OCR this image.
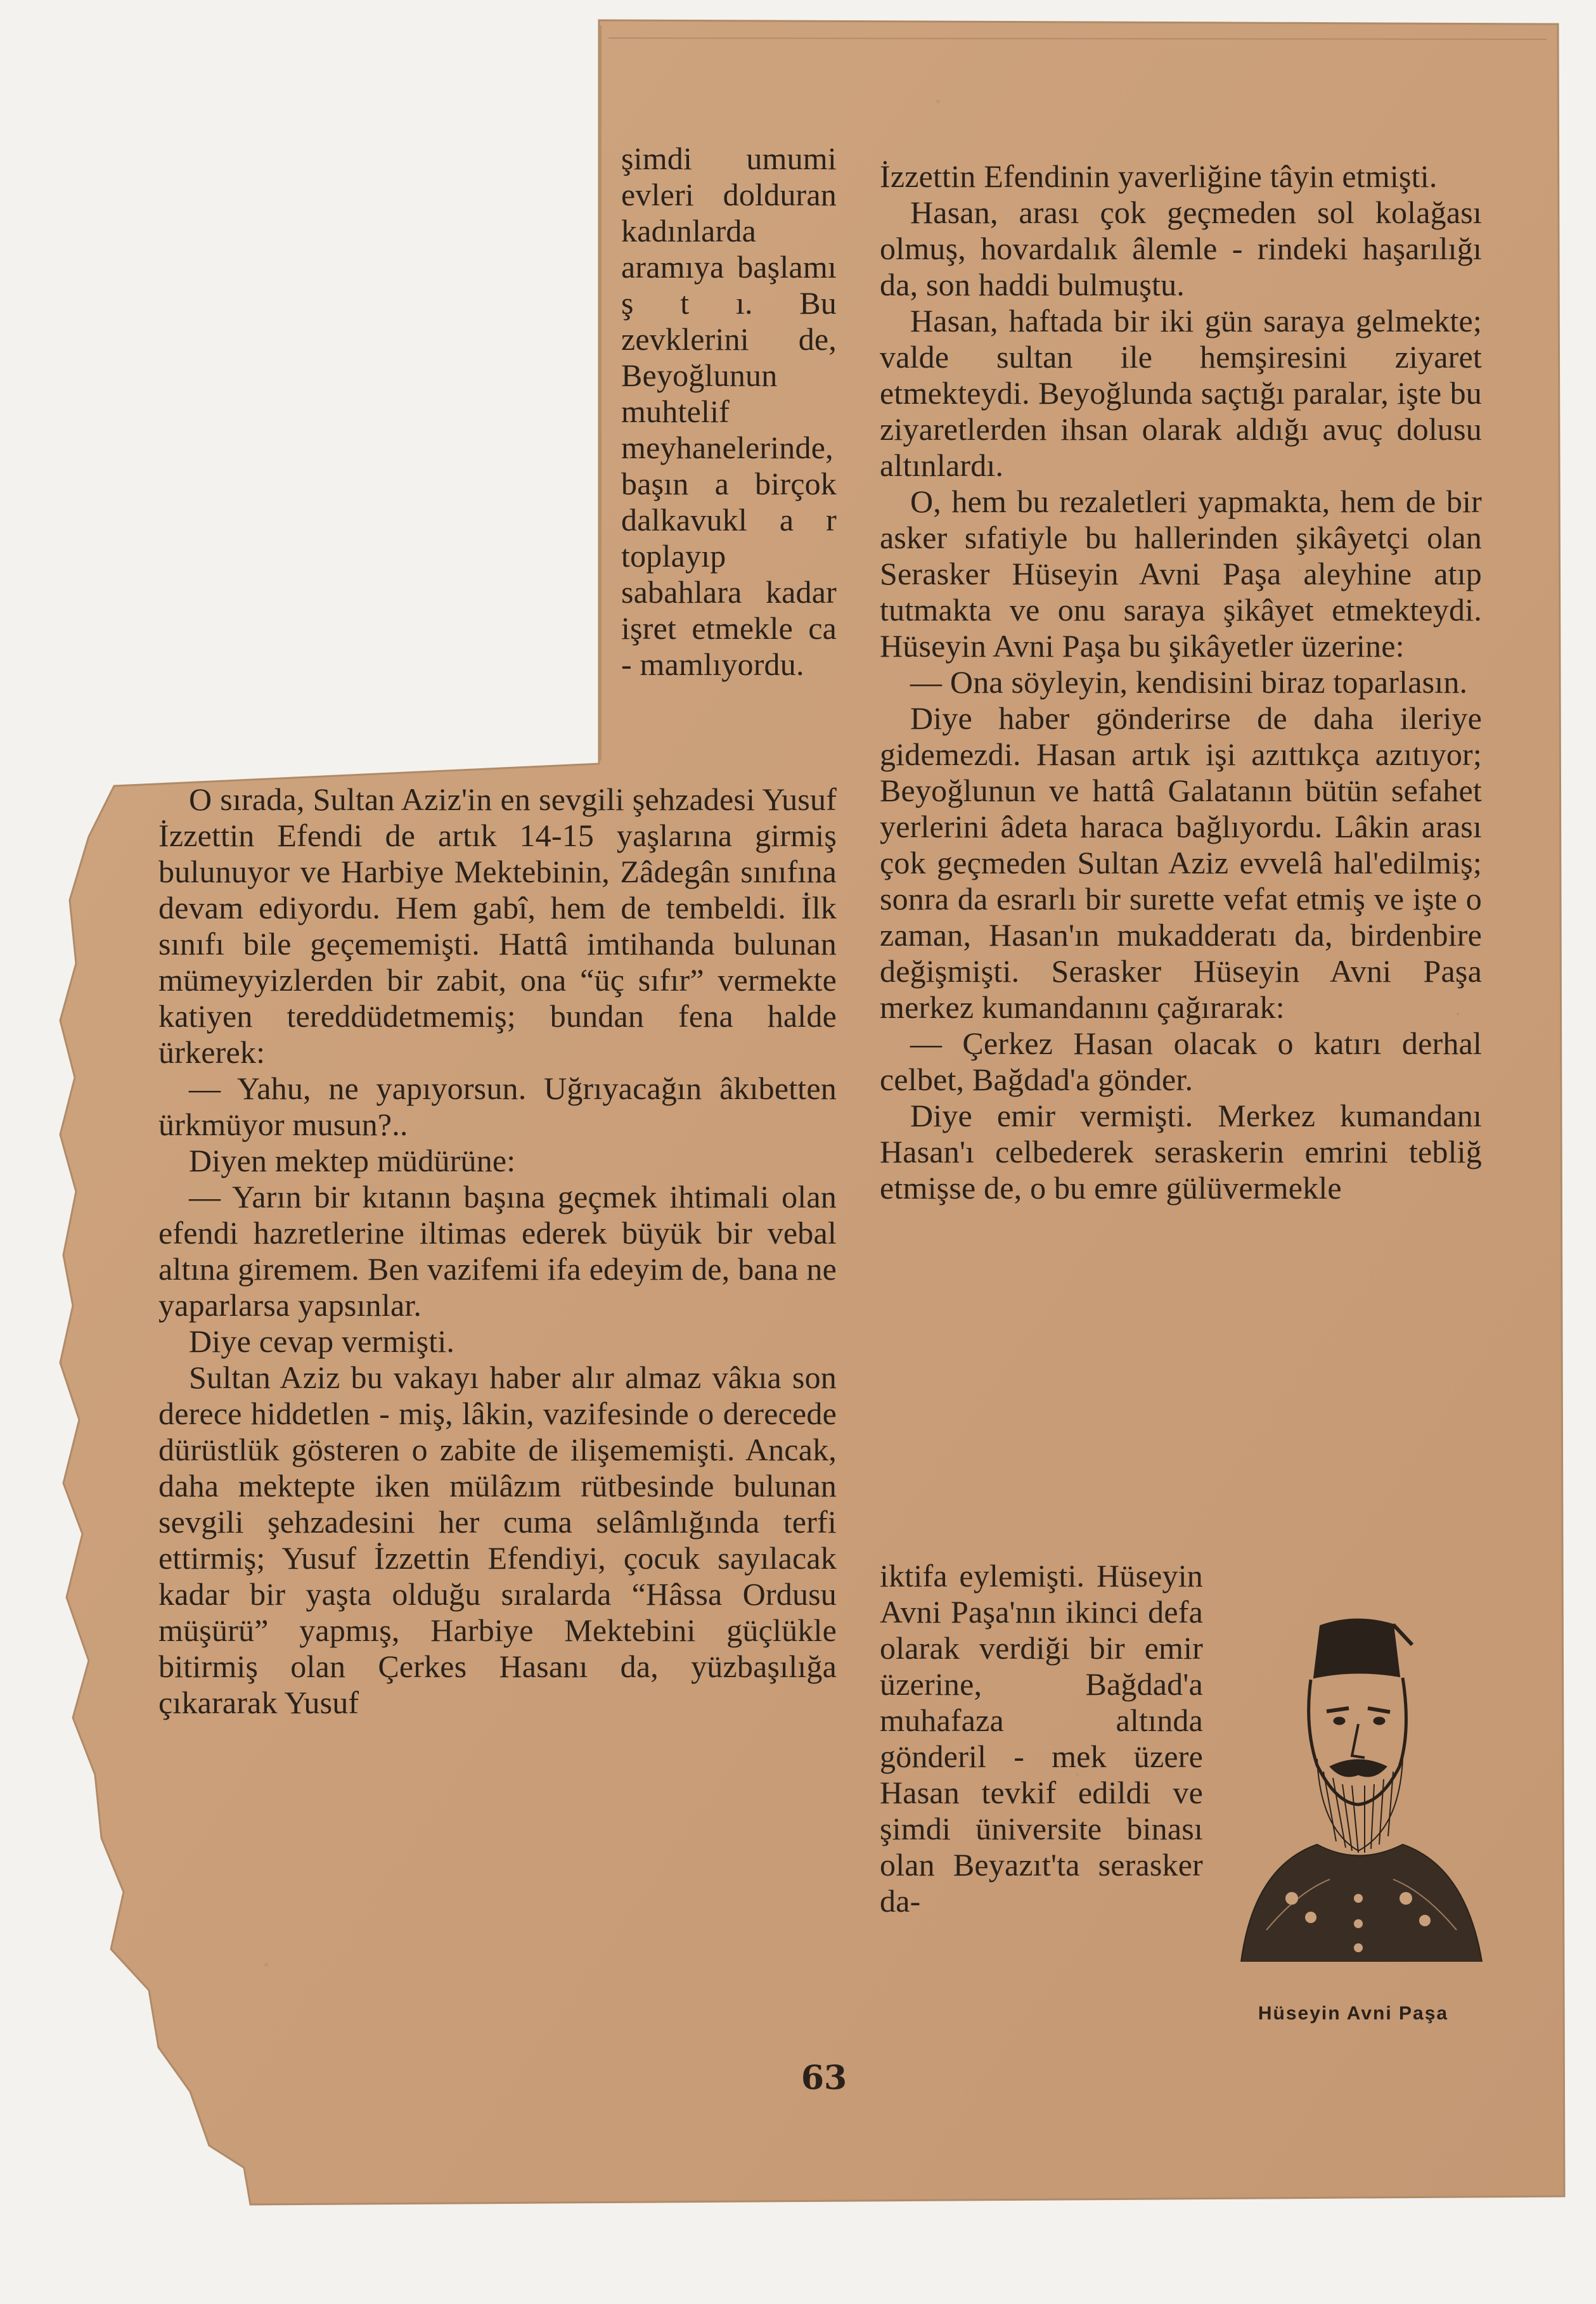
şimdi umumi evleri dolduran kadınlarda aramıya başlamı ş t ı. Bu zevklerini de, Beyoğlunun muhtelif meyhanelerinde, başın a birçok dalkavukl a r toplayıp sabahlara kadar işret etmekle ca - mamlıyordu.

O sırada, Sultan Aziz'in en sevgili şehzadesi Yusuf İzzettin Efendi de artık 14-15 yaşlarına girmiş bulunuyor ve Harbiye Mektebinin, Zâdegân sınıfına devam ediyordu. Hem gabî, hem de tembeldi. İlk sınıfı bile geçememişti. Hattâ imtihanda bulunan mümeyyizlerden bir zabit, ona “üç sıfır” vermekte katiyen tereddüdetmemiş; bundan fena halde ürkerek:

— Yahu, ne yapıyorsun. Uğrıyacağın âkıbetten ürkmüyor musun?..

Diyen mektep müdürüne:

— Yarın bir kıtanın başına geçmek ihtimali olan efendi hazretlerine iltimas ederek büyük bir vebal altına giremem. Ben vazifemi ifa edeyim de, bana ne yaparlarsa yapsınlar.

Diye cevap vermişti.

Sultan Aziz bu vakayı haber alır almaz vâkıa son derece hiddetlen - miş, lâkin, vazifesinde o derecede dürüstlük gösteren o zabite de ilişememişti. Ancak, daha mektepte iken mülâzım rütbesinde bulunan sevgili şehzadesini her cuma selâmlığında terfi ettirmiş; Yusuf İzzettin Efendiyi, çocuk sayılacak kadar bir yaşta olduğu sıralarda “Hâssa Ordusu müşürü” yapmış, Harbiye Mektebini güçlükle bitirmiş olan Çerkes Hasanı da, yüzbaşılığa çıkararak Yusuf

İzzettin Efendinin yaverliğine tâyin etmişti.

Hasan, arası çok geçmeden sol kolağası olmuş, hovardalık âlemle - rindeki haşarılığı da, son haddi bulmuştu.

Hasan, haftada bir iki gün saraya gelmekte; valde sultan ile hemşiresini ziyaret etmekteydi. Beyoğlunda saçtığı paralar, işte bu ziyaretlerden ihsan olarak aldığı avuç dolusu altınlardı.

O, hem bu rezaletleri yapmakta, hem de bir asker sıfatiyle bu hallerinden şikâyetçi olan Serasker Hüseyin Avni Paşa aleyhine atıp tutmakta ve onu saraya şikâyet etmekteydi. Hüseyin Avni Paşa bu şikâyetler üzerine:

— Ona söyleyin, kendisini biraz toparlasın.

Diye haber gönderirse de daha ileriye gidemezdi. Hasan artık işi azıttıkça azıtıyor; Beyoğlunun ve hattâ Galatanın bütün sefahet yerlerini âdeta haraca bağlıyordu. Lâkin arası çok geçmeden Sultan Aziz evvelâ hal'edilmiş; sonra da esrarlı bir surette vefat etmiş ve işte o zaman, Hasan'ın mukadderatı da, birdenbire değişmişti. Serasker Hüseyin Avni Paşa merkez kumandanını çağırarak:

— Çerkez Hasan olacak o katırı derhal celbet, Bağdad'a gönder.

Diye emir vermişti. Merkez kumandanı Hasan'ı celbederek seraskerin emrini tebliğ etmişse de, o bu emre gülüvermekle

iktifa eylemişti. Hüseyin Avni Paşa'nın ikinci defa olarak verdiği bir emir üzerine, Bağdad'a muhafaza altında gönderil - mek üzere Hasan tevkif edildi ve şimdi üniversite binası olan Beyazıt'ta serasker da-

Hüseyin Avni Paşa
63
